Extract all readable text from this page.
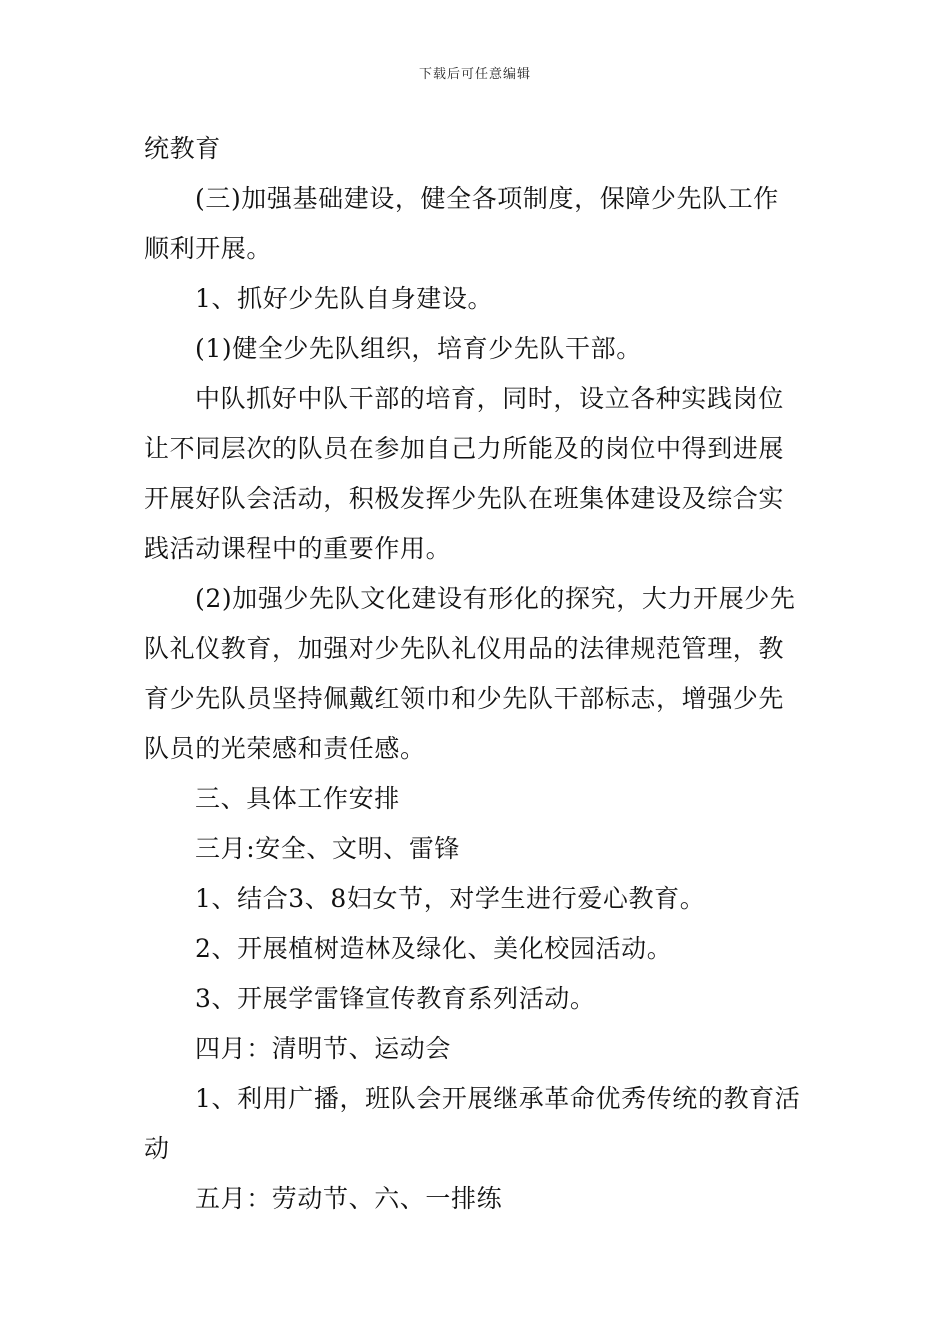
下载后可任意编辑
统教育
(三)加强基础建设，健全各项制度，保障少先队工作
顺利开展。
1、抓好少先队自身建设。
(1)健全少先队组织，培育少先队干部。
中队抓好中队干部的培育，同时，设立各种实践岗位
让不同层次的队员在参加自己力所能及的岗位中得到进展
开展好队会活动，积极发挥少先队在班集体建设及综合实
践活动课程中的重要作用。
(2)加强少先队文化建设有形化的探究，大力开展少先
队礼仪教育，加强对少先队礼仪用品的法律规范管理，教
育少先队员坚持佩戴红领巾和少先队干部标志，增强少先
队员的光荣感和责任感。
三、具体工作安排
三月:安全、文明、雷锋
1、结合3、8妇女节，对学生进行爱心教育。
2、开展植树造林及绿化、美化校园活动。
3、开展学雷锋宣传教育系列活动。
四月：清明节、运动会
1、利用广播，班队会开展继承革命优秀传统的教育活
动
五月：劳动节、六、一排练
